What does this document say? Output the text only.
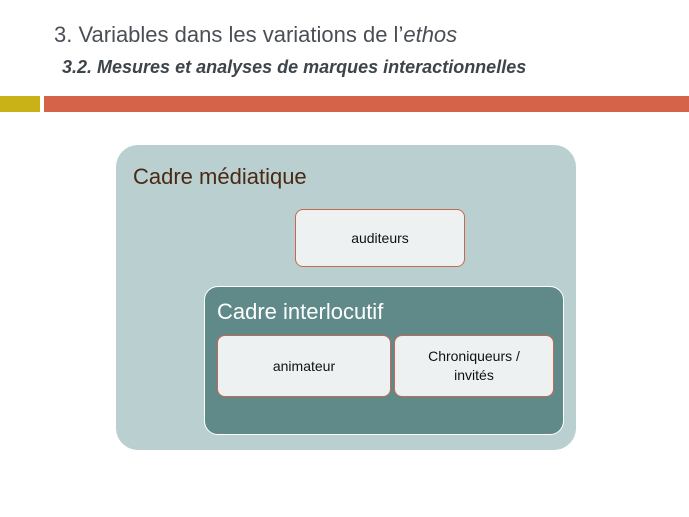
3. Variables dans les variations de l’ethos
3.2. Mesures et analyses de marques interactionnelles
Cadre médiatique
auditeurs
Cadre interlocutif
animateur
Chroniqueurs /
invités
